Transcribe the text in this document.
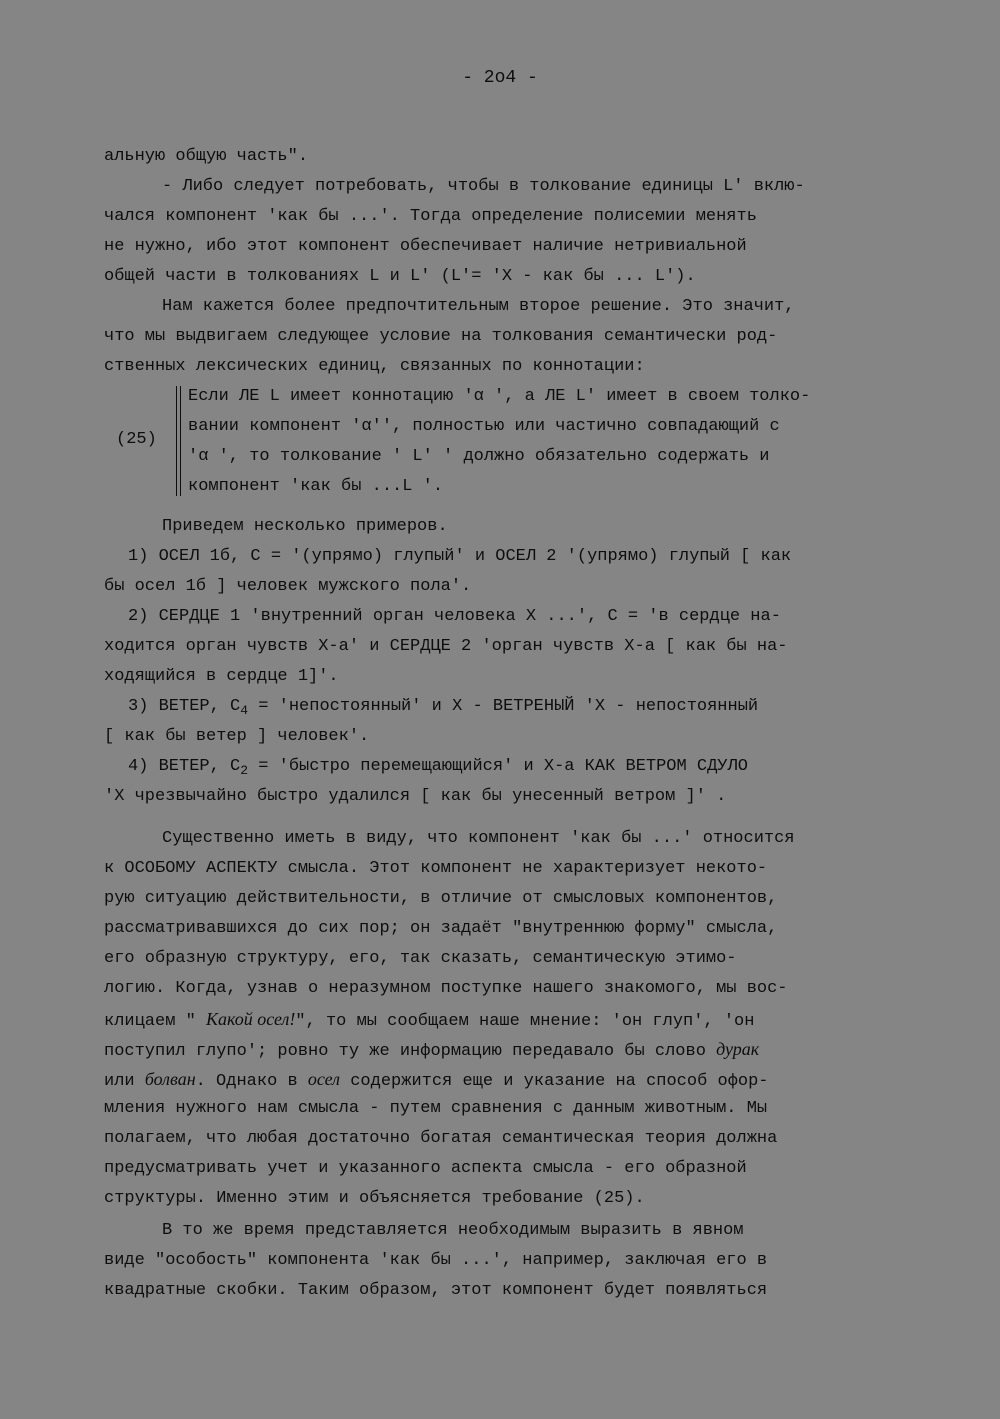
- 2o4 -
альную общую часть".
- Либо следует потребовать, чтобы в толкование единицы L' вклю-
чался компонент 'как бы ...'. Тогда определение полисемии менять
не нужно, ибо этот компонент обеспечивает наличие нетривиальной
общей части в толкованиях L и L' (L'= 'X - как бы ... L').
Нам кажется более предпочтительным второе решение. Это значит,
что мы выдвигаем следующее условие на толкования семантически род-
ственных лексических единиц, связанных по коннотации:
(25)
Если ЛЕ L имеет коннотацию 'α ', а ЛЕ L' имеет в своем толко-
вании компонент 'α'', полностью или частично совпадающий с
'α ', то толкование ' L' ' должно обязательно содержать и
компонент 'как бы ...L '.
Приведем несколько примеров.
1) ОСЕЛ 1б, С = '(упрямо) глупый' и ОСЕЛ 2 '(упрямо) глупый [ как
бы осел 1б ] человек мужского пола'.
2) СЕРДЦЕ 1 'внутренний орган человека X ...', С = 'в сердце на-
ходится орган чувств Х-а' и СЕРДЦЕ 2 'орган чувств Х-а [ как бы на-
ходящийся в сердце 1]'.
3) ВЕТЕР, $С_4$ = 'непостоянный' и X - ВЕТРЕНЫЙ 'X - непостоянный
[ как бы ветер ] человек'.
4) ВЕТЕР, $С_2$ = 'быстро перемещающийся' и Х-а КАК ВЕТРОМ СДУЛО
'X чрезвычайно быстро удалился [ как бы унесенный ветром ]' .
Существенно иметь в виду, что компонент 'как бы ...' относится
к ОСОБОМУ АСПЕКТУ смысла. Этот компонент не характеризует некото-
рую ситуацию действительности, в отличие от смысловых компонентов,
рассматривавшихся до сих пор; он задаёт "внутреннюю форму" смысла,
его образную структуру, его, так сказать, семантическую этимо-
логию. Когда, узнав о неразумном поступке нашего знакомого, мы вос-
клицаем " Какой осел!", то мы сообщаем наше мнение: 'он глуп', 'он
поступил глупо'; ровно ту же информацию передавало бы слово дурак
или болван. Однако в осел содержится еще и указание на способ офор-
мления нужного нам смысла - путем сравнения с данным животным. Мы
полагаем, что любая достаточно богатая семантическая теория должна
предусматривать учет и указанного аспекта смысла - его образной
структуры. Именно этим и объясняется требование (25).
В то же время представляется необходимым выразить в явном
виде "особость" компонента 'как бы ...', например, заключая его в
квадратные скобки. Таким образом, этот компонент будет появляться
